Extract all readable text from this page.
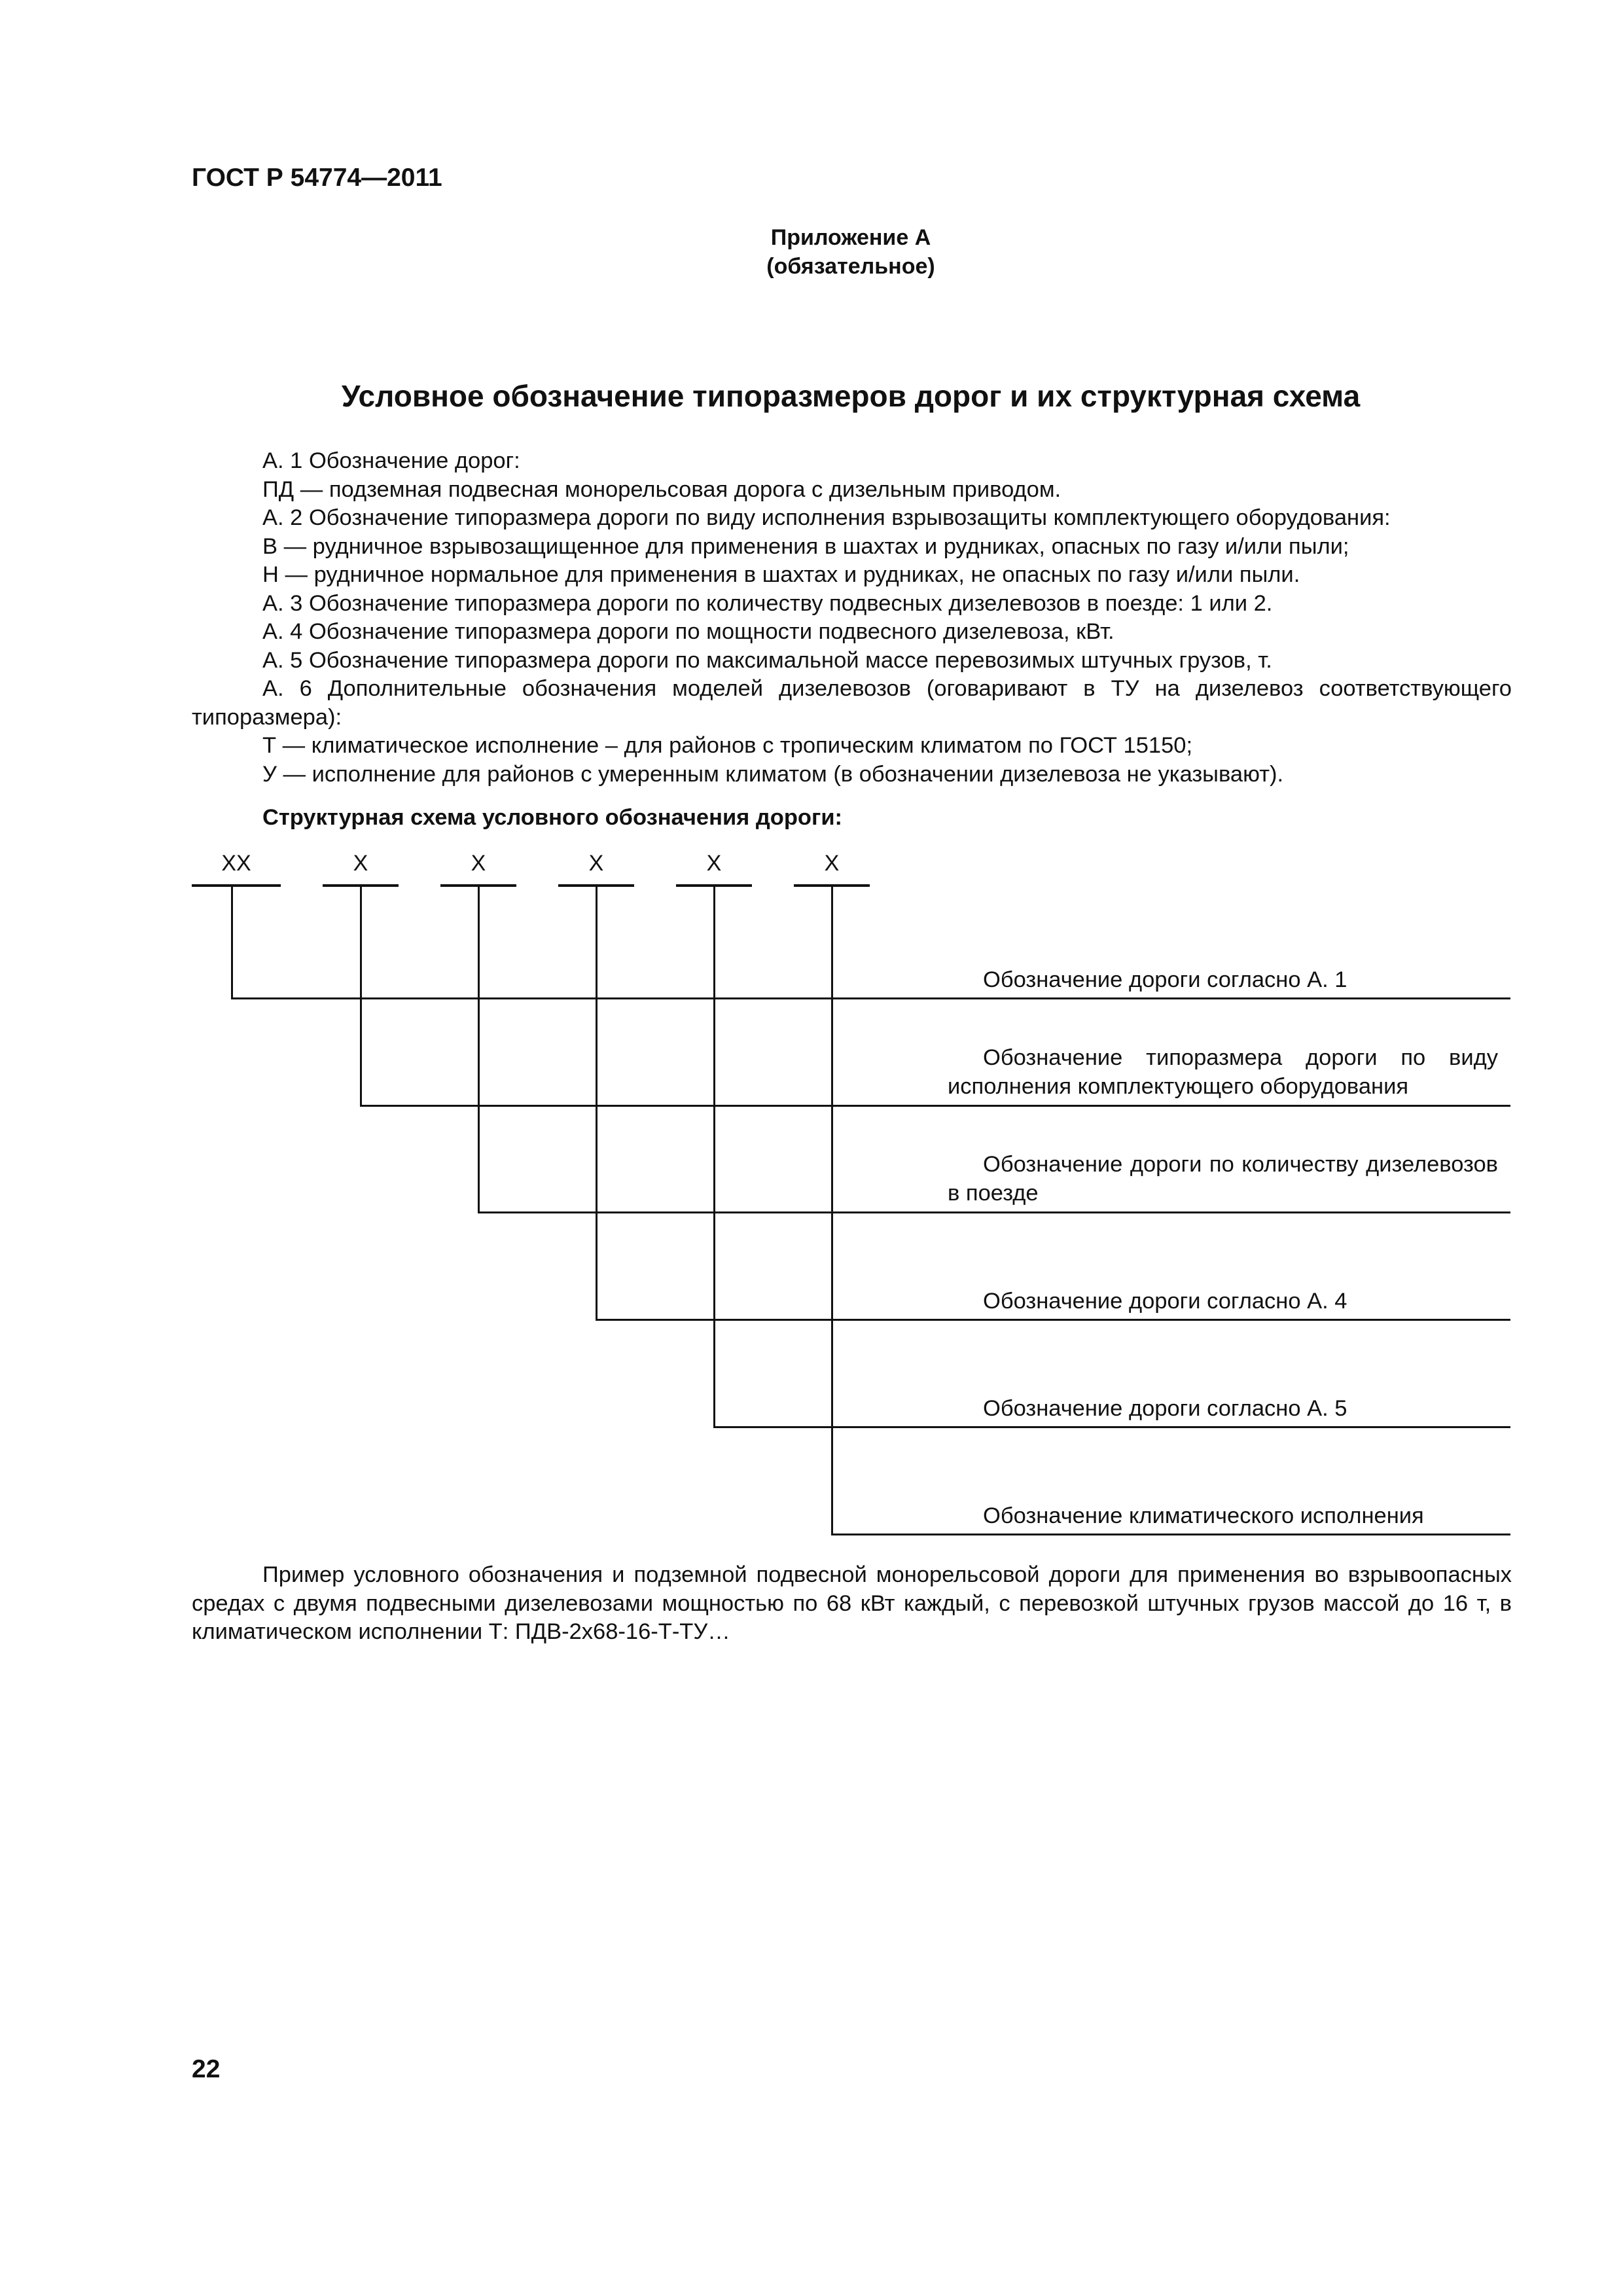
ГОСТ Р 54774—2011
Приложение А
(обязательное)
Условное обозначение типоразмеров дорог и их структурная схема

А. 1 Обозначение дорог:

ПД — подземная подвесная монорельсовая дорога с дизельным приводом.

А. 2 Обозначение типоразмера дороги по виду исполнения взрывозащиты комплектующего оборудования:

В — рудничное взрывозащищенное для применения в шахтах и рудниках, опасных по газу и/или пыли;

Н — рудничное нормальное для применения в шахтах и рудниках, не опасных по газу и/или пыли.

А. 3 Обозначение типоразмера дороги по количеству подвесных дизелевозов в поезде: 1 или 2.

А. 4 Обозначение типоразмера дороги по мощности подвесного дизелевоза, кВт.

А. 5 Обозначение типоразмера дороги по максимальной массе перевозимых штучных грузов, т.

А. 6 Дополнительные обозначения моделей дизелевозов (оговаривают в ТУ на дизелевоз соответствующего типоразмера):

Т — климатическое исполнение – для районов с тропическим климатом по ГОСТ 15150;

У — исполнение для районов с умеренным климатом (в обозначении дизелевоза не указывают).

Структурная схема условного обозначения дороги:
XX	X	X	X	X	X
Обозначение дороги согласно А. 1
Обозначение типоразмера дороги по виду исполнения комплектующего оборудования
Обозначение дороги по количеству дизелевозов в поезде
Обозначение дороги согласно А. 4
Обозначение дороги согласно А. 5
Обозначение климатического исполнения

Пример условного обозначения и подземной подвесной монорельсовой дороги для применения во взрывоопасных средах с двумя подвесными дизелевозами мощностью по 68 кВт каждый, с перевозкой штучных грузов массой до 16 т, в климатическом исполнении Т: ПДВ-2х68-16-Т-ТУ…

22
